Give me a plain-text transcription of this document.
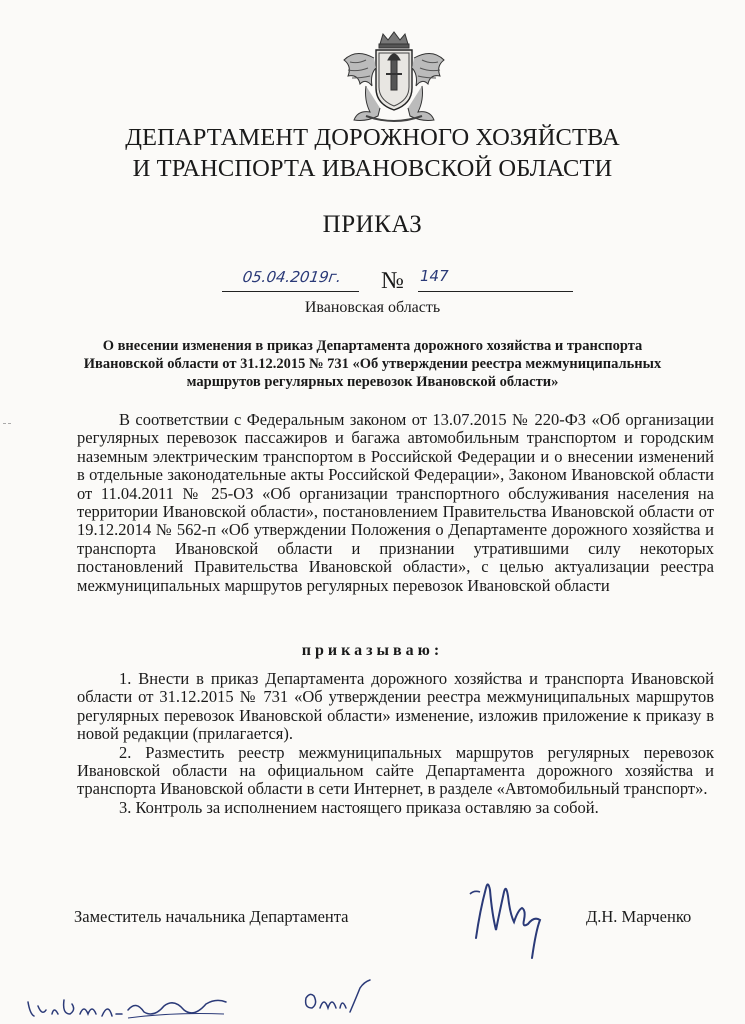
ДЕПАРТАМЕНТ ДОРОЖНОГО ХОЗЯЙСТВА
И ТРАНСПОРТА ИВАНОВСКОЙ ОБЛАСТИ
ПРИКАЗ
05.04.2019г.	№ 147
Ивановская область
О внесении изменения в приказ Департамента дорожного хозяйства и транспорта
Ивановской области от 31.12.2015 № 731 «Об утверждении реестра межмуниципальных
маршрутов регулярных перевозок Ивановской области»
В соответствии с Федеральным законом от 13.07.2015 № 220-ФЗ «Об организации регулярных перевозок пассажиров и багажа автомобильным транспортом и городским наземным электрическим транспортом в Российской Федерации и о внесении изменений в отдельные законодательные акты Российской Федерации», Законом Ивановской области от 11.04.2011 № 25-ОЗ «Об организации транспортного обслуживания населения на территории Ивановской области», постановлением Правительства Ивановской области от 19.12.2014 № 562-п «Об утверждении Положения о Департаменте дорожного хозяйства и транспорта Ивановской области и признании утратившими силу некоторых постановлений Правительства Ивановской области», с целью актуализации реестра межмуниципальных маршрутов регулярных перевозок Ивановской области
приказываю:

1. Внести в приказ Департамента дорожного хозяйства и транспорта Ивановской области от 31.12.2015 № 731 «Об утверждении реестра межмуниципальных маршрутов регулярных перевозок Ивановской области» изменение, изложив приложение к приказу в новой редакции (прилагается).

2. Разместить реестр межмуниципальных маршрутов регулярных перевозок Ивановской области на официальном сайте Департамента дорожного хозяйства и транспорта Ивановской области в сети Интернет, в разделе «Автомобильный транспорт».

3. Контроль за исполнением настоящего приказа оставляю за собой.

Заместитель начальника Департамента	Д.Н. Марченко
